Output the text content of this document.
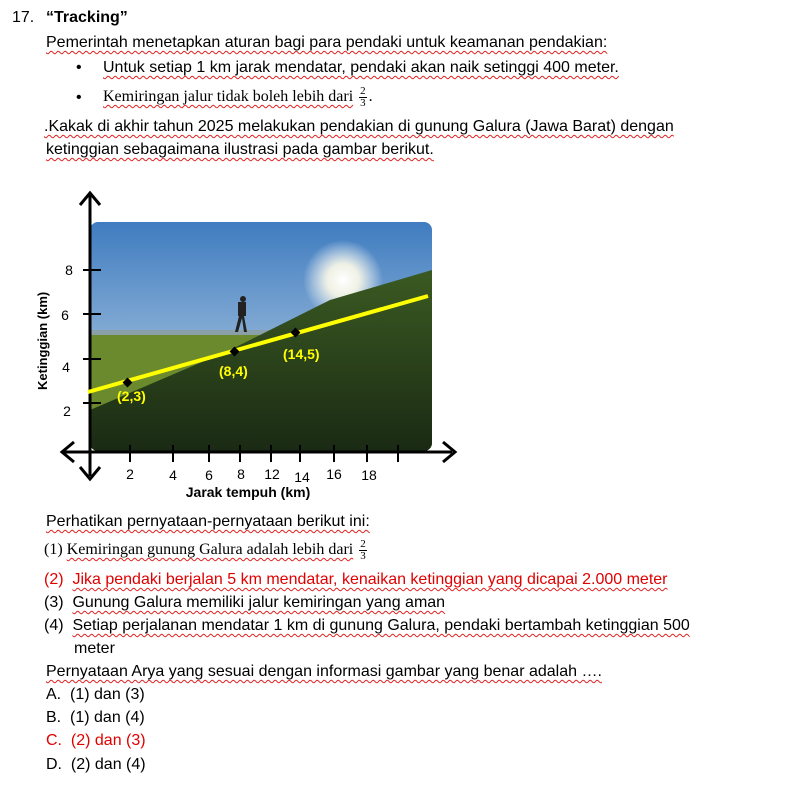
17. “Tracking”
Pemerintah menetapkan aturan bagi para pendaki untuk keamanan pendakian:
• Untuk setiap 1 km jarak mendatar, pendaki akan naik setinggi 400 meter.
• Kemiringan jalur tidak boleh lebih dari $\frac{2}{3}$ .
.Kakak di akhir tahun 2025 melakukan pendakian di gunung Galura (Jawa Barat) dengan
ketinggian sebagaimana ilustrasi pada gambar berikut.
8
6
4
2
Ketinggian (km)
2	4 6 8 12 14 16 18
Jarak tempuh (km)
(2,3)
(8,4)
(14,5)
Perhatikan pernyataan-pernyataan berikut ini:
(1) Kemiringan gunung Galura adalah lebih dari $\frac{2}{3}$
(2) Jika pendaki berjalan 5 km mendatar, kenaikan ketinggian yang dicapai 2.000 meter
(3) Gunung Galura memiliki jalur kemiringan yang aman
(4) Setiap perjalanan mendatar 1 km di gunung Galura, pendaki bertambah ketinggian 500
meter
Pernyataan Arya yang sesuai dengan informasi gambar yang benar adalah ….
A. (1) dan (3)
B. (1) dan (4)
C. (2) dan (3)
D. (2) dan (4)
